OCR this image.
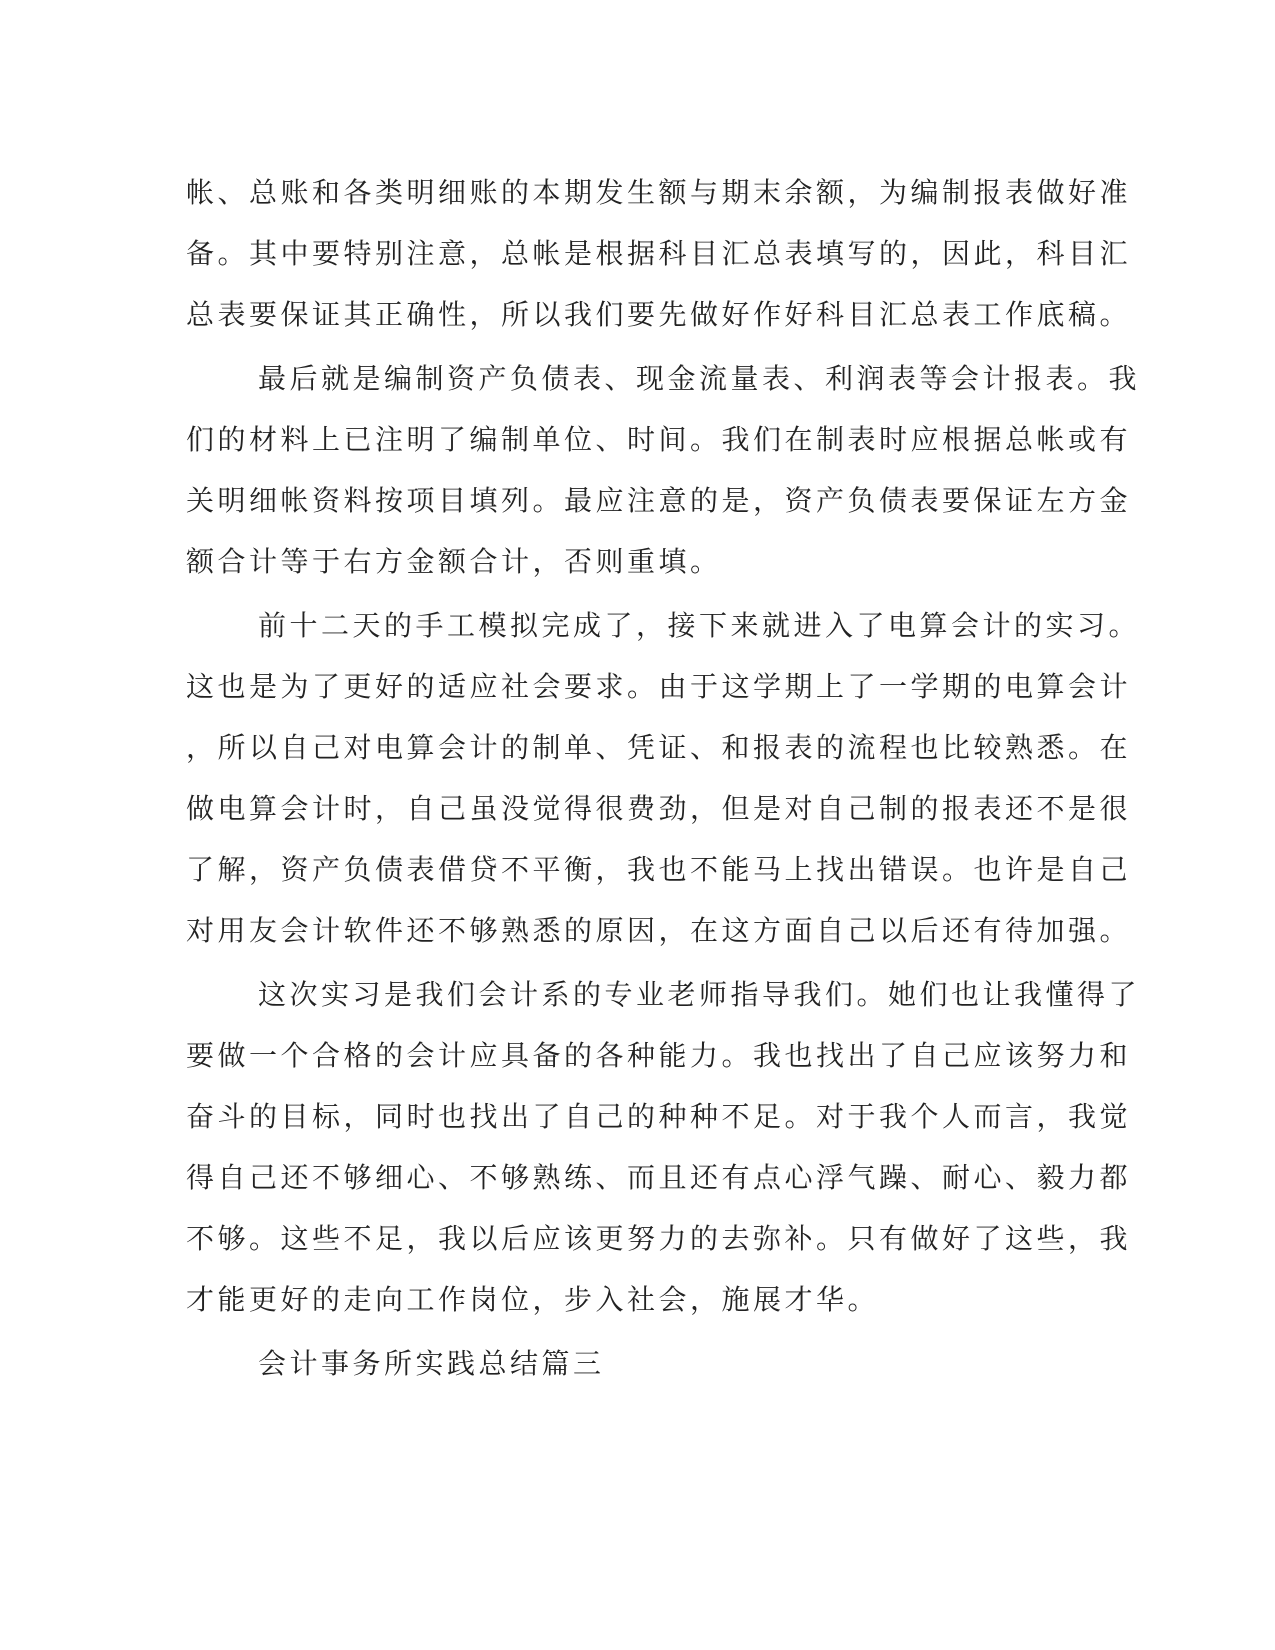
帐、总账和各类明细账的本期发生额与期末余额，为编制报表做好准
备。其中要特别注意，总帐是根据科目汇总表填写的，因此，科目汇
总表要保证其正确性，所以我们要先做好作好科目汇总表工作底稿。
最后就是编制资产负债表、现金流量表、利润表等会计报表。我
们的材料上已注明了编制单位、时间。我们在制表时应根据总帐或有
关明细帐资料按项目填列。最应注意的是，资产负债表要保证左方金
额合计等于右方金额合计，否则重填。
前十二天的手工模拟完成了，接下来就进入了电算会计的实习。
这也是为了更好的适应社会要求。由于这学期上了一学期的电算会计
，所以自己对电算会计的制单、凭证、和报表的流程也比较熟悉。在
做电算会计时，自己虽没觉得很费劲，但是对自己制的报表还不是很
了解，资产负债表借贷不平衡，我也不能马上找出错误。也许是自己
对用友会计软件还不够熟悉的原因，在这方面自己以后还有待加强。
这次实习是我们会计系的专业老师指导我们。她们也让我懂得了
要做一个合格的会计应具备的各种能力。我也找出了自己应该努力和
奋斗的目标，同时也找出了自己的种种不足。对于我个人而言，我觉
得自己还不够细心、不够熟练、而且还有点心浮气躁、耐心、毅力都
不够。这些不足，我以后应该更努力的去弥补。只有做好了这些，我
才能更好的走向工作岗位，步入社会，施展才华。
会计事务所实践总结篇三
